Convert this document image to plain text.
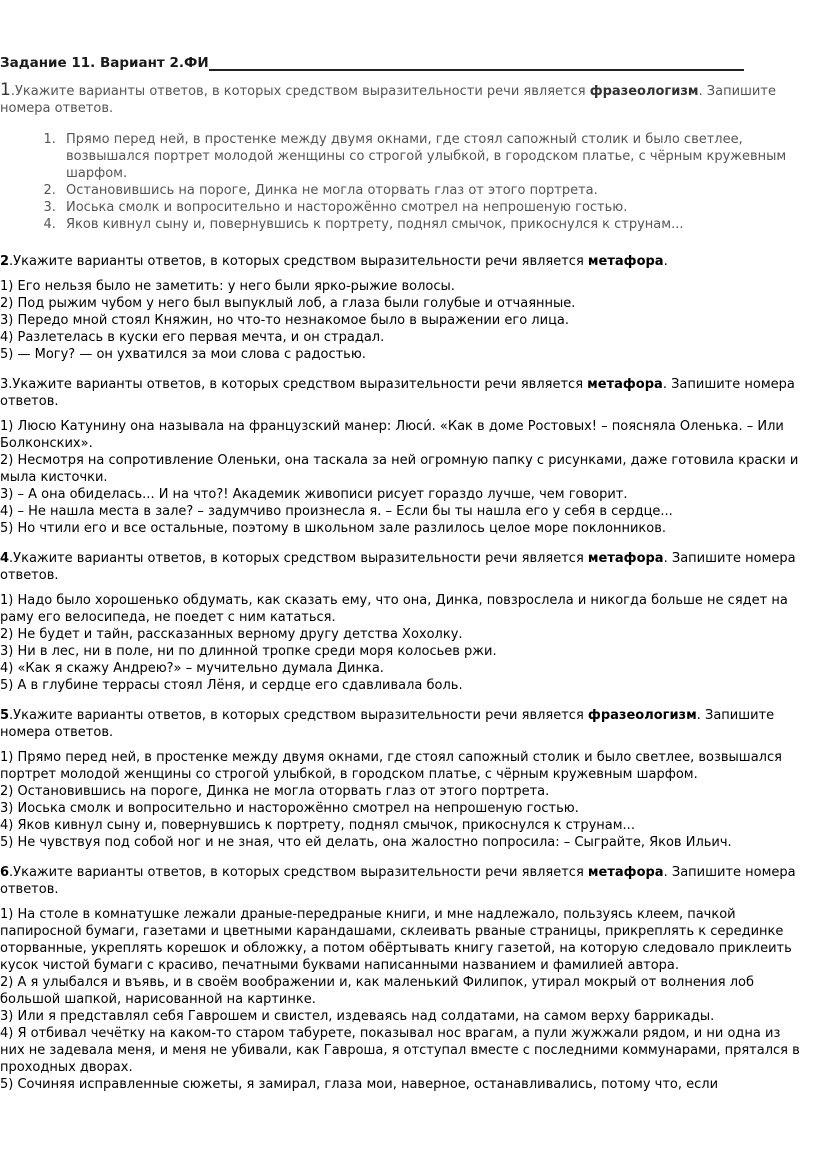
Задание 11. Вариант 2.ФИ
1.Укажите варианты ответов, в которых средством выразительности речи является фразеологизм. Запишите номера ответов.
1. Прямо перед ней, в простенке между двумя окнами, где стоял сапожный столик и было светлее, возвышался портрет молодой женщины со строгой улыбкой, в городском платье, с чёрным кружевным шарфом.
2. Остановившись на пороге, Динка не могла оторвать глаз от этого портрета.
3. Иоська смолк и вопросительно и насторожённо смотрел на непрошеную гостью.
4. Яков кивнул сыну и, повернувшись к портрету, поднял смычок, прикоснулся к струнам...
2.Укажите варианты ответов, в которых средством выразительности речи является метафора.
1) Его нельзя было не заметить: у него были ярко-рыжие волосы.
2) Под рыжим чубом у него был выпуклый лоб, а глаза были голубые и отчаянные.
3) Передо мной стоял Княжин, но что-то незнакомое было в выражении его лица.
4) Разлетелась в куски его первая мечта, и он страдал.
5) — Могу? — он ухватился за мои слова с радостью.
3.Укажите варианты ответов, в которых средством выразительности речи является метафора. Запишите номера ответов.
1) Люсю Катунину она называла на французский манер: Люси́. «Как в доме Ростовых! – поясняла Оленька. – Или Болконских».
2) Несмотря на сопротивление Оленьки, она таскала за ней огромную папку с рисунками, даже готовила краски и мыла кисточки.
3) – А она обиделась... И на что?! Академик живописи рисует гораздо лучше, чем говорит.
4) – Не нашла места в зале? – задумчиво произнесла я. – Если бы ты нашла его у себя в сердце...
5) Но чтили его и все остальные, поэтому в школьном зале разлилось целое море поклонников.
4.Укажите варианты ответов, в которых средством выразительности речи является метафора. Запишите номера ответов.
1) Надо было хорошенько обдумать, как сказать ему, что она, Динка, повзрослела и никогда больше не сядет на раму его велосипеда, не поедет с ним кататься.
2) Не будет и тайн, рассказанных верному другу детства Хохолку.
3) Ни в лес, ни в поле, ни по длинной тропке среди моря колосьев ржи.
4) «Как я скажу Андрею?» – мучительно думала Динка.
5) А в глубине террасы стоял Лёня, и сердце его сдавливала боль.
5.Укажите варианты ответов, в которых средством выразительности речи является фразеологизм. Запишите номера ответов.
1) Прямо перед ней, в простенке между двумя окнами, где стоял сапожный столик и было светлее, возвышался портрет молодой женщины со строгой улыбкой, в городском платье, с чёрным кружевным шарфом.
2) Остановившись на пороге, Динка не могла оторвать глаз от этого портрета.
3) Иоська смолк и вопросительно и насторожённо смотрел на непрошеную гостью.
4) Яков кивнул сыну и, повернувшись к портрету, поднял смычок, прикоснулся к струнам...
5) Не чувствуя под собой ног и не зная, что ей делать, она жалостно попросила: – Сыграйте, Яков Ильич.
6.Укажите варианты ответов, в которых средством выразительности речи является метафора. Запишите номера ответов.
1) На столе в комнатушке лежали драные-передраные книги, и мне надлежало, пользуясь клеем, пачкой папиросной бумаги, газетами и цветными карандашами, склеивать рваные страницы, прикреплять к серединке оторванные, укреплять корешок и обложку, а потом обёртывать книгу газетой, на которую следовало приклеить кусок чистой бумаги с красиво, печатными буквами написанными названием и фамилией автора.
2) А я улыбался и въявь, и в своём воображении и, как маленький Филипок, утирал мокрый от волнения лоб большой шапкой, нарисованной на картинке.
3) Или я представлял себя Гаврошем и свистел, издеваясь над солдатами, на самом верху баррикады.
4) Я отбивал чечётку на каком-то старом табурете, показывал нос врагам, а пули жужжали рядом, и ни одна из них не задевала меня, и меня не убивали, как Гавроша, я отступал вместе с последними коммунарами, прятался в проходных дворах.
5) Сочиняя исправленные сюжеты, я замирал, глаза мои, наверное, останавливались, потому что, если
